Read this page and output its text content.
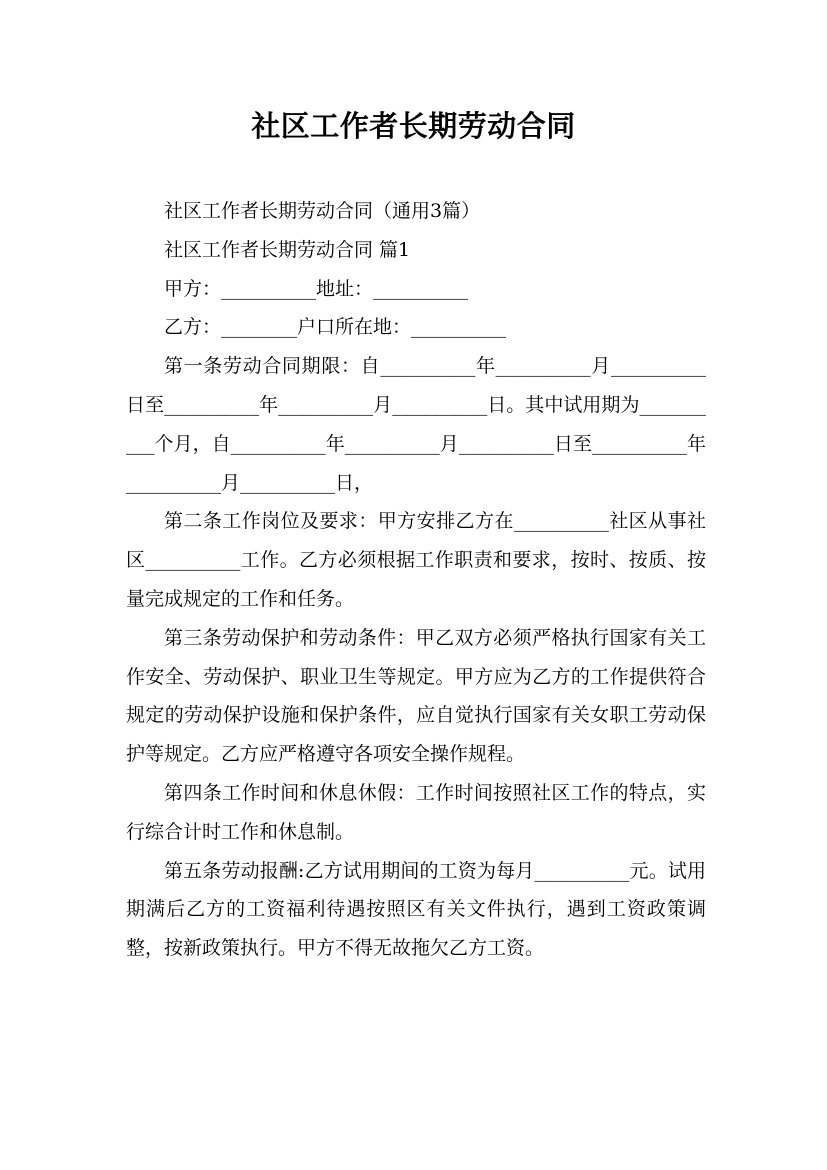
社区工作者长期劳动合同

社区工作者长期劳动合同（通用3篇）

社区工作者长期劳动合同 篇1

甲方：__________地址：__________

乙方：________户口所在地：__________

第一条劳动合同期限：自__________年__________月__________日至__________年__________月__________日。其中试用期为__________个月，自__________年__________月__________日至__________年__________月__________日，

第二条工作岗位及要求：甲方安排乙方在__________社区从事社区__________工作。乙方必须根据工作职责和要求，按时、按质、按量完成规定的工作和任务。

第三条劳动保护和劳动条件：甲乙双方必须严格执行国家有关工作安全、劳动保护、职业卫生等规定。甲方应为乙方的工作提供符合规定的劳动保护设施和保护条件，应自觉执行国家有关女职工劳动保护等规定。乙方应严格遵守各项安全操作规程。

第四条工作时间和休息休假：工作时间按照社区工作的特点，实行综合计时工作和休息制。

第五条劳动报酬:乙方试用期间的工资为每月__________元。试用期满后乙方的工资福利待遇按照区有关文件执行，遇到工资政策调整，按新政策执行。甲方不得无故拖欠乙方工资。
